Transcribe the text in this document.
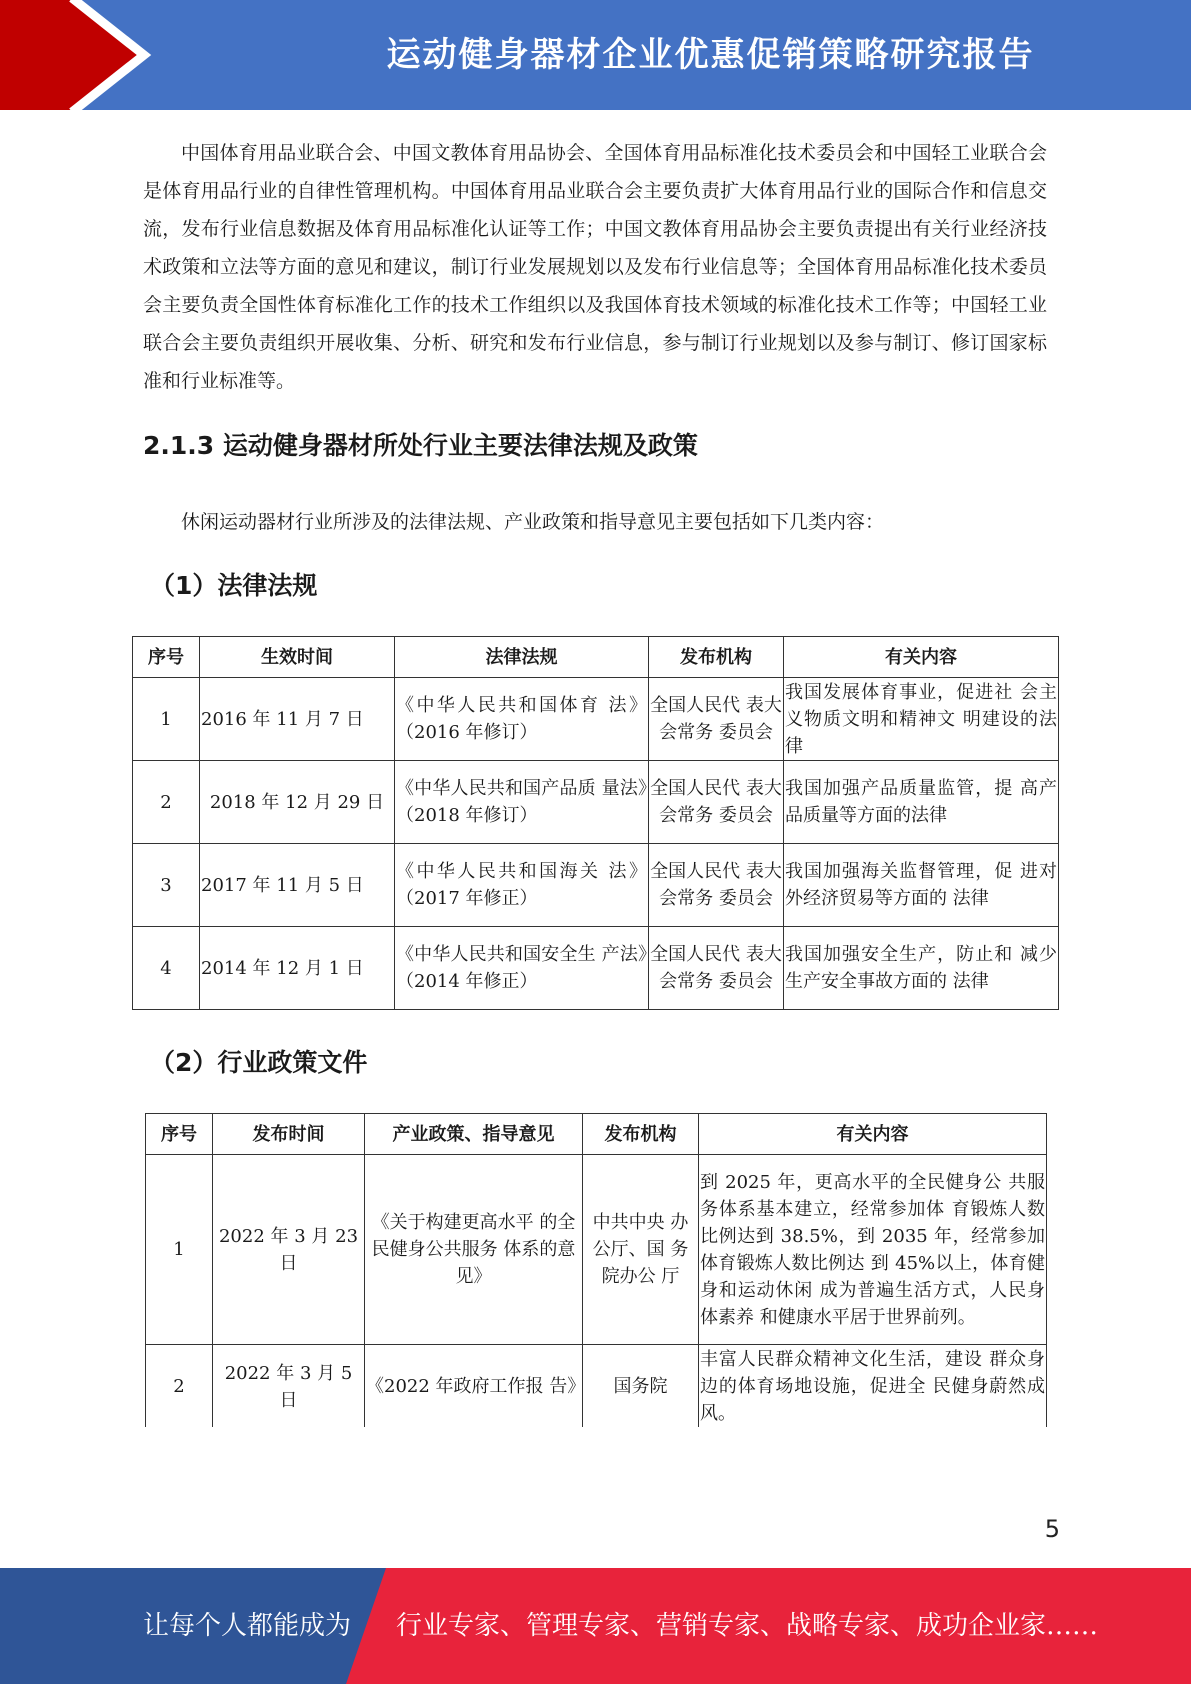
运动健身器材企业优惠促销策略研究报告

中国体育用品业联合会、中国文教体育用品协会、全国体育用品标准化技术委员会和中国轻工业联合会是体育用品行业的自律性管理机构。中国体育用品业联合会主要负责扩大体育用品行业的国际合作和信息交流，发布行业信息数据及体育用品标准化认证等工作；中国文教体育用品协会主要负责提出有关行业经济技术政策和立法等方面的意见和建议，制订行业发展规划以及发布行业信息等；全国体育用品标准化技术委员会主要负责全国性体育标准化工作的技术工作组织以及我国体育技术领域的标准化技术工作等；中国轻工业联合会主要负责组织开展收集、分析、研究和发布行业信息，参与制订行业规划以及参与制订、修订国家标准和行业标准等。

2.1.3 运动健身器材所处行业主要法律法规及政策

休闲运动器材行业所涉及的法律法规、产业政策和指导意见主要包括如下几类内容：

（1）法律法规
序号	生效时间	法律法规	发布机构	有关内容
1	2016 年 11 月 7 日	《中华人民共和国体育 法》（2016 年修订）	全国人民代 表大会常务 委员会	我国发展体育事业，促进社 会主义物质文明和精神文 明建设的法律
2	2018 年 12 月 29 日	《中华人民共和国产品质 量法》（2018 年修订）	全国人民代 表大会常务 委员会	我国加强产品质量监管，提 高产品质量等方面的法律
3	2017 年 11 月 5 日	《中华人民共和国海关 法》（2017 年修正）	全国人民代 表大会常务 委员会	我国加强海关监督管理，促 进对外经济贸易等方面的 法律
4	2014 年 12 月 1 日	《中华人民共和国安全生 产法》（2014 年修正）	全国人民代 表大会常务 委员会	我国加强安全生产，防止和 减少生产安全事故方面的 法律
（2）行业政策文件
序号	发布时间	产业政策、指导意见	发布机构	有关内容
1	2022 年 3 月 23 日	《关于构建更高水平 的全民健身公共服务 体系的意见》	中共中央 办公厅、国 务院办公 厅	到 2025 年，更高水平的全民健身公 共服务体系基本建立，经常参加体 育锻炼人数比例达到 38.5%，到 2035 年，经常参加体育锻炼人数比例达 到 45%以上，体育健身和运动休闲 成为普遍生活方式，人民身体素养 和健康水平居于世界前列。
2	2022 年 3 月 5 日	《2022 年政府工作报 告》	国务院	丰富人民群众精神文化生活，建设 群众身边的体育场地设施，促进全 民健身蔚然成风。
5
让每个人都能成为 行业专家、管理专家、营销专家、战略专家、成功企业家……
